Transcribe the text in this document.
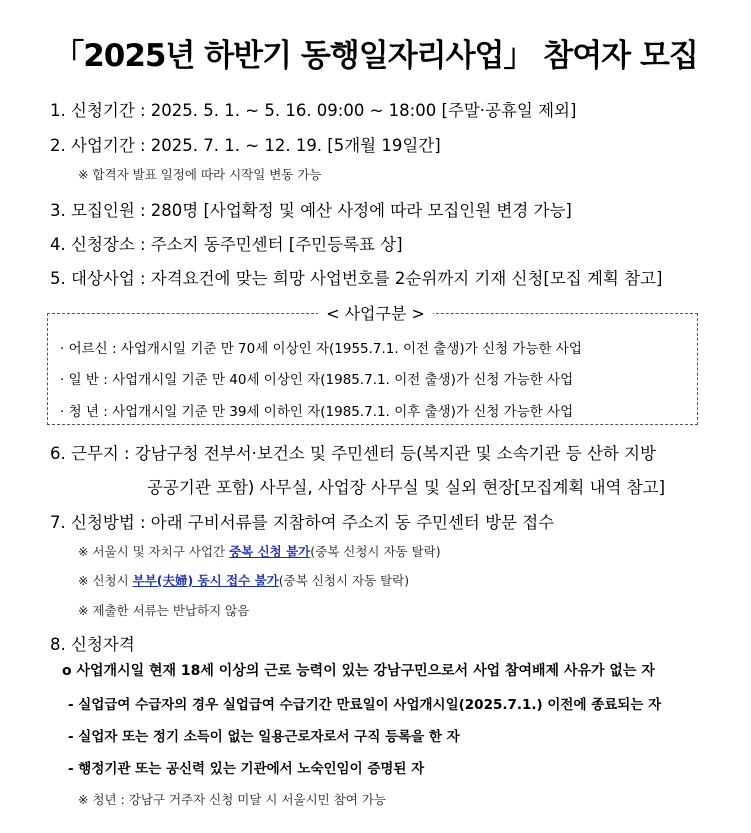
「2025년 하반기 동행일자리사업」 참여자 모집
1. 신청기간 : 2025. 5. 1. ~ 5. 16. 09:00 ~ 18:00 [주말·공휴일 제외]
2. 사업기간 : 2025. 7. 1. ~ 12. 19. [5개월 19일간]
※ 합격자 발표 일정에 따라 시작일 변동 가능
3. 모집인원 : 280명 [사업확정 및 예산 사정에 따라 모집인원 변경 가능]
4. 신청장소 : 주소지 동주민센터 [주민등록표 상]
5. 대상사업 : 자격요건에 맞는 희망 사업번호를 2순위까지 기재 신청[모집 계획 참고]
< 사업구분 >
· 어르신 : 사업개시일 기준 만 70세 이상인 자(1955.7.1. 이전 출생)가 신청 가능한 사업
· 일 반 : 사업개시일 기준 만 40세 이상인 자(1985.7.1. 이전 출생)가 신청 가능한 사업
· 청 년 : 사업개시일 기준 만 39세 이하인 자(1985.7.1. 이후 출생)가 신청 가능한 사업
6. 근무지 : 강남구청 전부서·보건소 및 주민센터 등(복지관 및 소속기관 등 산하 지방
공공기관 포함) 사무실, 사업장 사무실 및 실외 현장[모집계획 내역 참고]
7. 신청방법 : 아래 구비서류를 지참하여 주소지 동 주민센터 방문 접수
※ 서울시 및 자치구 사업간 중복 신청 불가(중복 신청시 자동 탈락)
※ 신청시 부부(夫婦) 동시 접수 불가(중복 신청시 자동 탈락)
※ 제출한 서류는 반납하지 않음
8. 신청자격
o 사업개시일 현재 18세 이상의 근로 능력이 있는 강남구민으로서 사업 참여배제 사유가 없는 자
- 실업급여 수급자의 경우 실업급여 수급기간 만료일이 사업개시일(2025.7.1.) 이전에 종료되는 자
- 실업자 또는 정기 소득이 없는 일용근로자로서 구직 등록을 한 자
- 행정기관 또는 공신력 있는 기관에서 노숙인임이 증명된 자
※ 청년 : 강남구 거주자 신청 미달 시 서울시민 참여 가능
